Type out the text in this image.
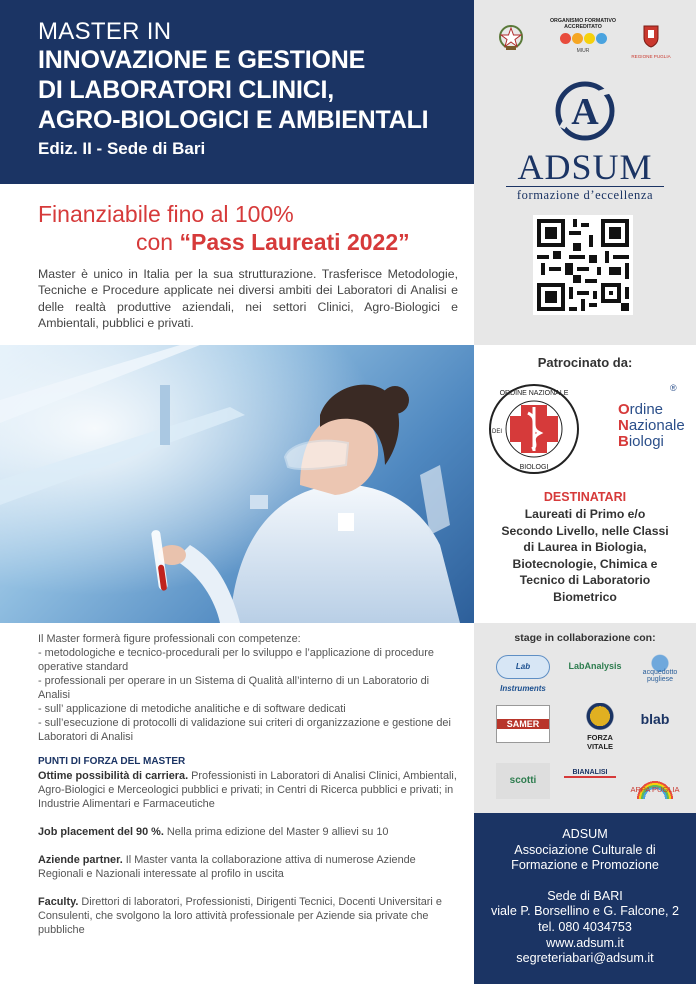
MASTER IN
INNOVAZIONE E GESTIONE
DI LABORATORI CLINICI,
AGRO-BIOLOGICI E AMBIENTALI
Ediz. II - Sede di Bari
Finanziabile fino al 100%
con “Pass Laureati 2022”
Master è unico in Italia per la sua strutturazione. Trasferisce Metodologie, Tecniche e Procedure applicate nei diversi ambiti dei Laboratori di Analisi e delle realtà produttive aziendali, nei settori Clinici, Agro-Biologici e Ambientali, pubblici e privati.

Il Master formerà figure professionali con competenze:

- metodologiche e tecnico-procedurali per lo sviluppo e l’applicazione di procedure operative standard

- professionali per operare in un Sistema di Qualità all’interno di un Laboratorio di Analisi

- sull’ applicazione di metodiche analitiche e di software dedicati

- sull’esecuzione di protocolli di validazione sui criteri di organizzazione e gestione dei Laboratori di Analisi

PUNTI DI FORZA DEL MASTER

Ottime possibilità di carriera. Professionisti in Laboratori di Analisi Clinici, Ambientali, Agro-Biologici e Merceologici pubblici e privati; in Centri di Ricerca pubblici e privati; in Industrie Alimentari e Farmaceutiche

Job placement del 90 %. Nella prima edizione del Master 9 allievi su 10

Aziende partner. Il Master vanta la collaborazione attiva di numerose Aziende Regionali e Nazionali interessate al profilo in uscita

Faculty. Direttori di laboratori, Professionisti, Dirigenti Tecnici, Docenti Universitari e Consulenti, che svolgono la loro attività professionale per Aziende sia private che pubbliche

ORGANISMO FORMATIVO ACCREDITATO
MIUR
REGIONE PUGLIA
A
ADSUM
formazione d’eccellenza
Patrocinato da:
ORDINE NAZIONALE
BIOLOGI
DEI
Ordine
Nazionale
Biologi
®
DESTINATARI
Laureati di Primo e/o
Secondo Livello, nelle Classi
di Laurea in Biologia,
Biotecnologie, Chimica e
Tecnico di Laboratorio
Biometrico
stage in collaborazione con:
Lab Instruments
LabAnalysis
acquedotto pugliese
SAMER
FORZA VITALE
blab
scotti
BIANALISI
ARPA PUGLIA
ADSUM
Associazione Culturale di
Formazione e Promozione
Sede di BARI
viale P. Borsellino e G. Falcone, 2
tel. 080 4034753
www.adsum.it
segreteriabari@adsum.it
